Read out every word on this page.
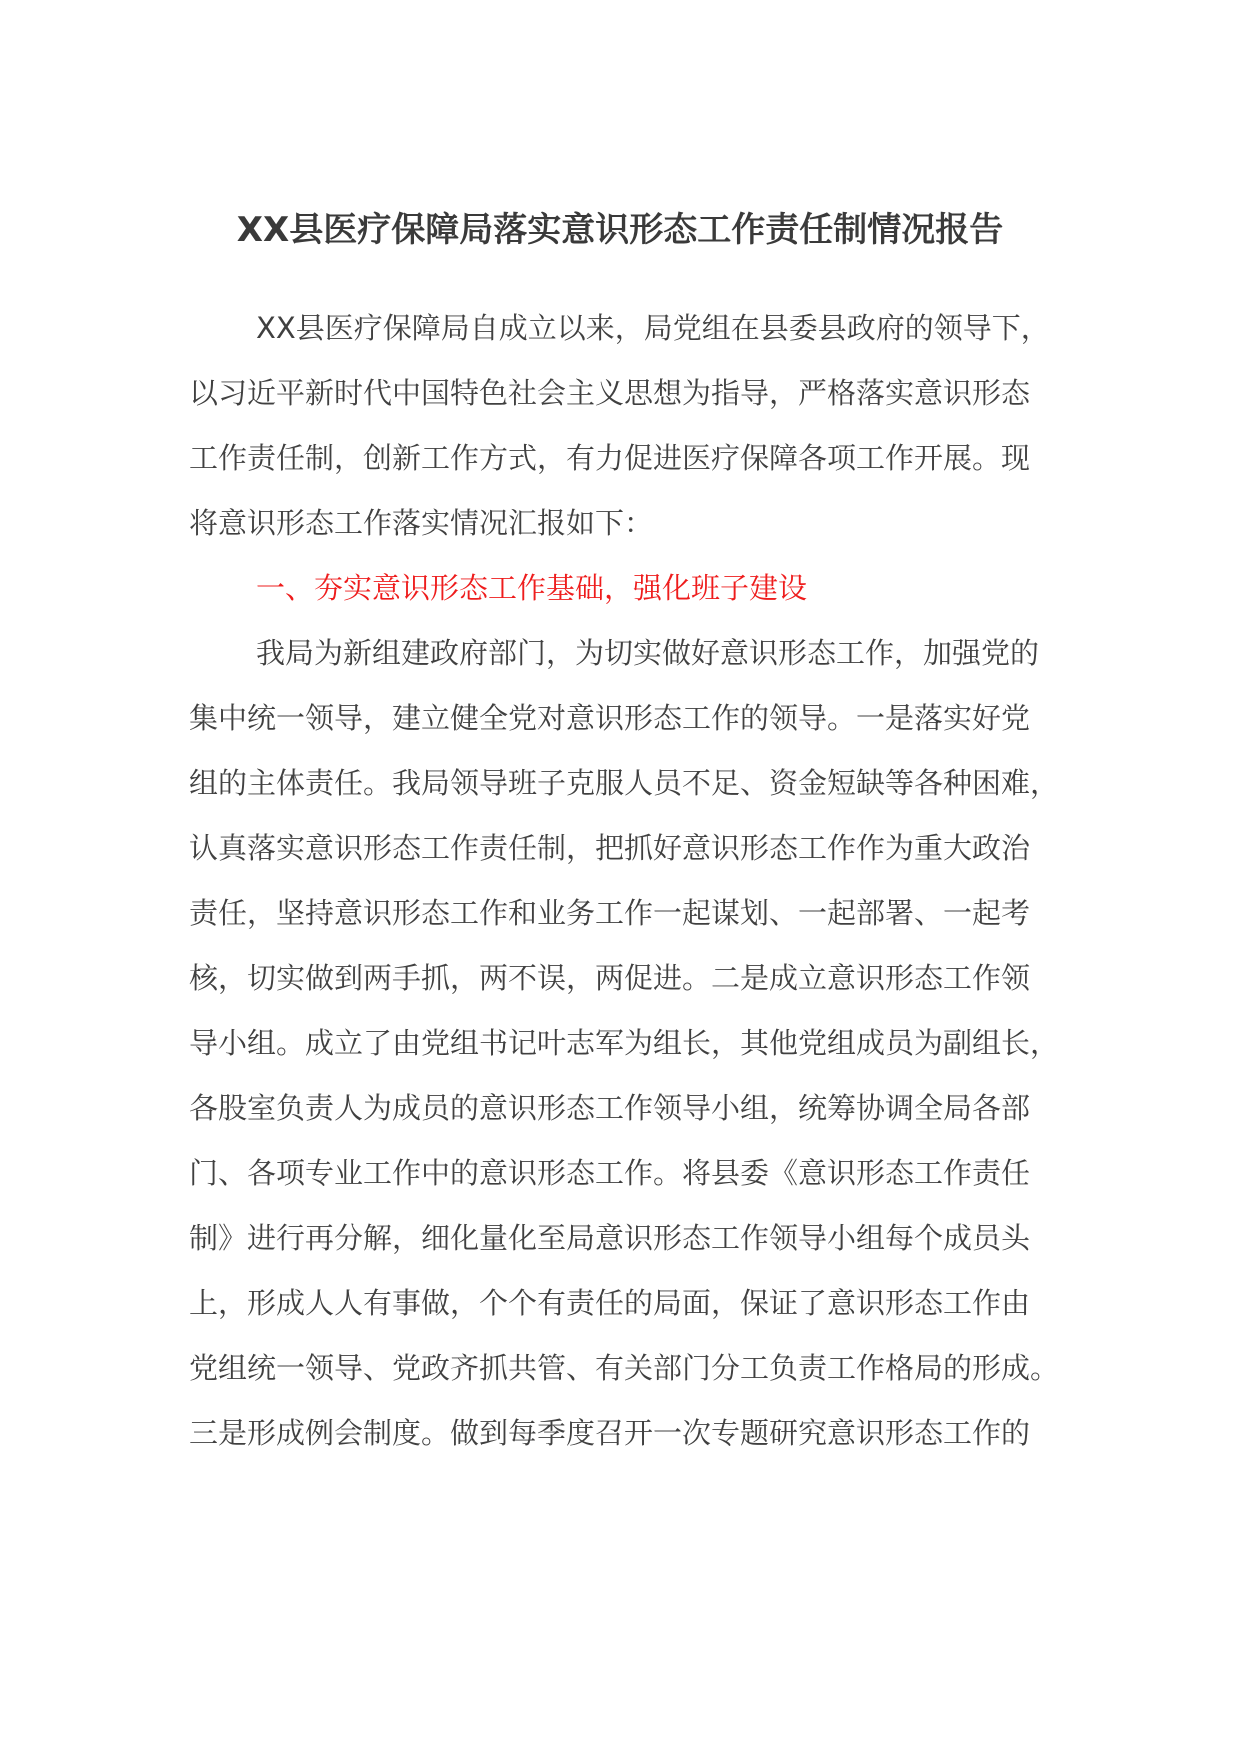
XX县医疗保障局落实意识形态工作责任制情况报告
XX县医疗保障局自成立以来，局党组在县委县政府的领导下，
以习近平新时代中国特色社会主义思想为指导，严格落实意识形态
工作责任制，创新工作方式，有力促进医疗保障各项工作开展。现
将意识形态工作落实情况汇报如下：
一、夯实意识形态工作基础，强化班子建设
我局为新组建政府部门，为切实做好意识形态工作，加强党的
集中统一领导，建立健全党对意识形态工作的领导。一是落实好党
组的主体责任。我局领导班子克服人员不足、资金短缺等各种困难，
认真落实意识形态工作责任制，把抓好意识形态工作作为重大政治
责任，坚持意识形态工作和业务工作一起谋划、一起部署、一起考
核，切实做到两手抓，两不误，两促进。二是成立意识形态工作领
导小组。成立了由党组书记叶志军为组长，其他党组成员为副组长，
各股室负责人为成员的意识形态工作领导小组，统筹协调全局各部
门、各项专业工作中的意识形态工作。将县委《意识形态工作责任
制》进行再分解，细化量化至局意识形态工作领导小组每个成员头
上，形成人人有事做，个个有责任的局面，保证了意识形态工作由
党组统一领导、党政齐抓共管、有关部门分工负责工作格局的形成。
三是形成例会制度。做到每季度召开一次专题研究意识形态工作的
